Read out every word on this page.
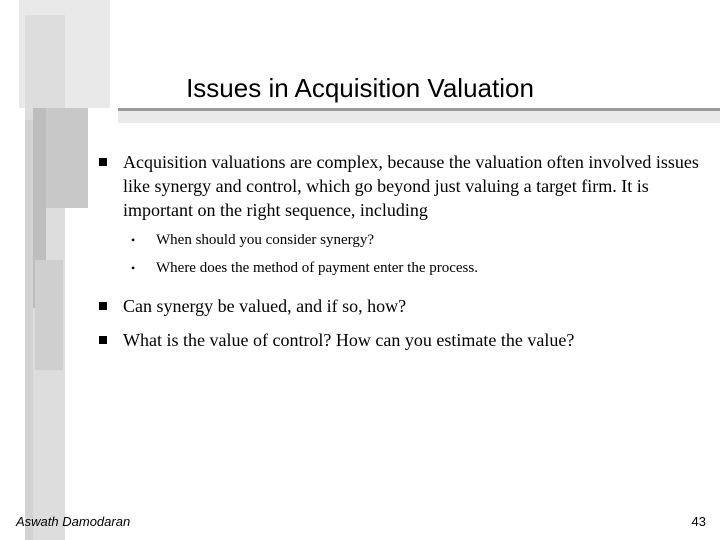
Issues in Acquisition Valuation
Acquisition valuations are complex, because the valuation often involved issues like synergy and control, which go beyond just valuing a target firm. It is important on the right sequence, including
• When should you consider synergy?
• Where does the method of payment enter the process.
Can synergy be valued, and if so, how?
What is the value of control? How can you estimate the value?
Aswath Damodaran	43
